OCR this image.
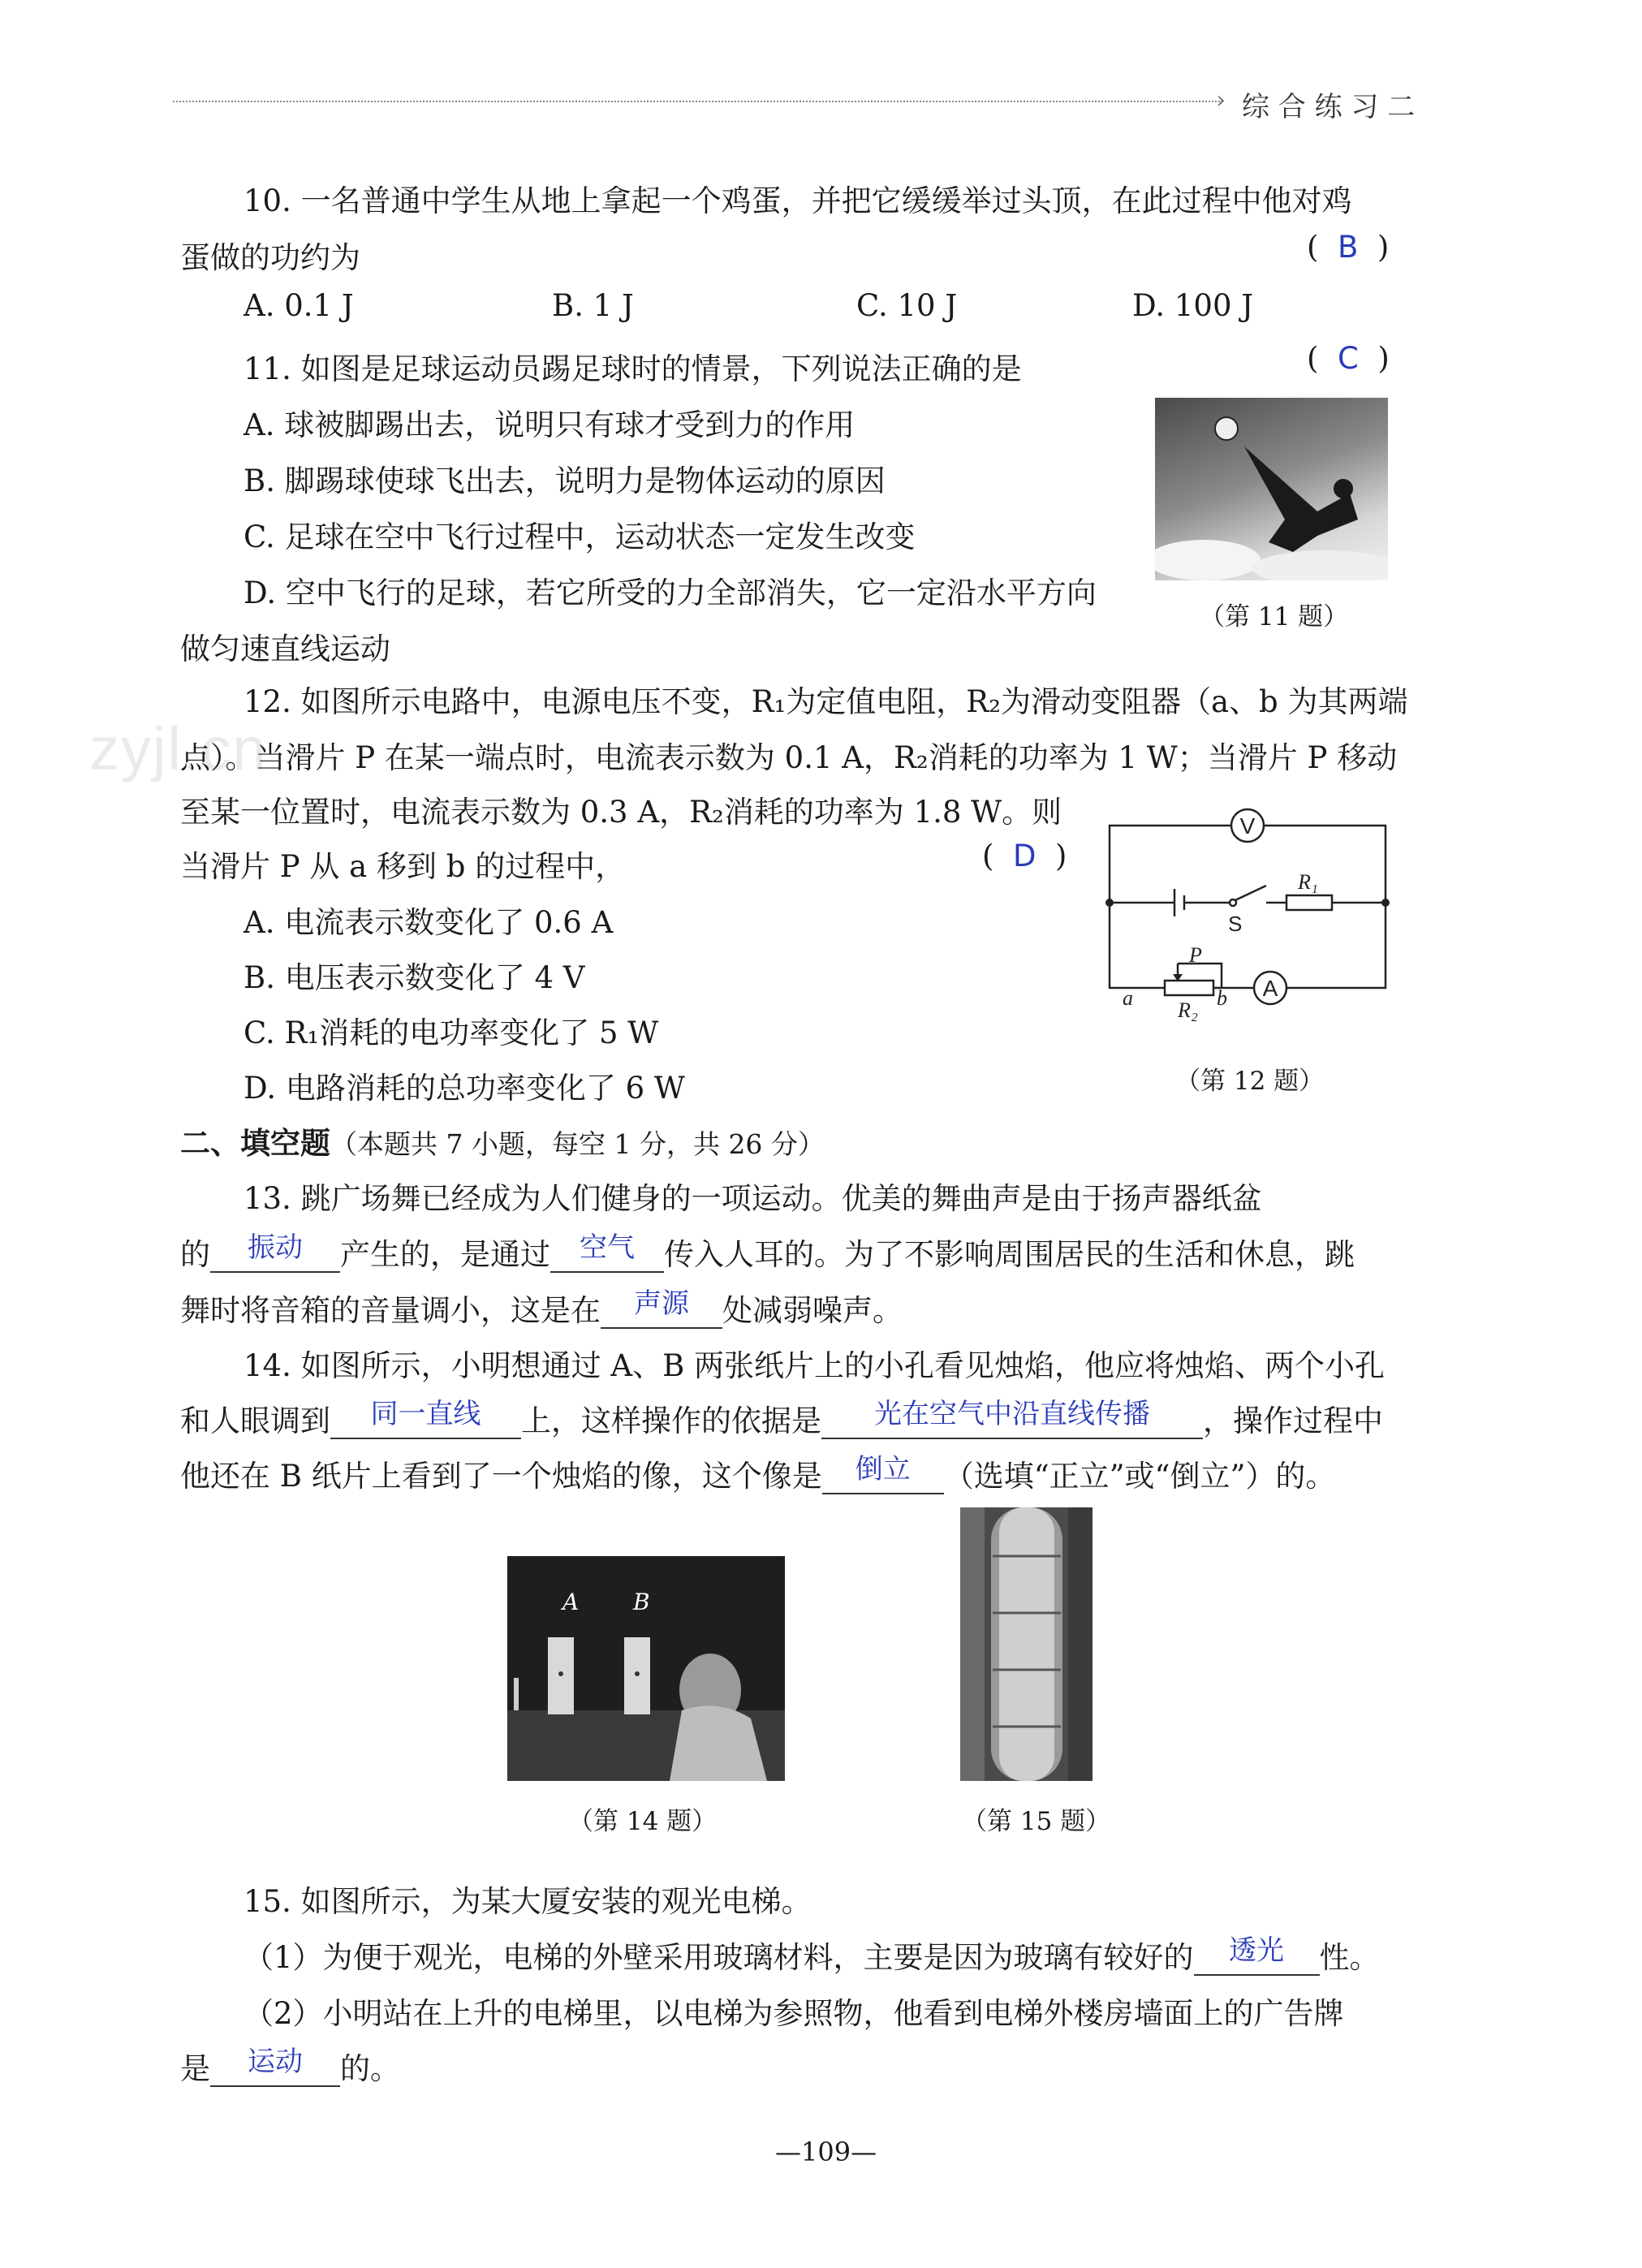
› 综 合 练 习 二
10. 一名普通中学生从地上拿起一个鸡蛋，并把它缓缓举过头顶，在此过程中他对鸡
蛋做的功约为	(  B  )
A. 0.1 J	B. 1 J	C. 10 J	D. 100 J
11. 如图是足球运动员踢足球时的情景，下列说法正确的是	(  C  )
A. 球被脚踢出去，说明只有球才受到力的作用
B. 脚踢球使球飞出去，说明力是物体运动的原因
C. 足球在空中飞行过程中，运动状态一定发生改变
D. 空中飞行的足球，若它所受的力全部消失，它一定沿水平方向
做匀速直线运动
（第 11 题）
12. 如图所示电路中，电源电压不变，R₁为定值电阻，R₂为滑动变阻器（a、b 为其两端
点）。当滑片 P 在某一端点时，电流表示数为 0.1 A，R₂消耗的功率为 1 W；当滑片 P 移动
至某一位置时，电流表示数为 0.3 A，R₂消耗的功率为 1.8 W。则
当滑片 P 从 a 移到 b 的过程中，	(  D  )
A. 电流表示数变化了 0.6 A
B. 电压表示数变化了 4 V
C. R₁消耗的电功率变化了 5 W
D. 电路消耗的总功率变化了 6 W
V
A
S
R₁
R₂
P
a	b
（第 12 题）
二、填空题（本题共 7 小题，每空 1 分，共 26 分）
13. 跳广场舞已经成为人们健身的一项运动。优美的舞曲声是由于扬声器纸盆
的 振动 产生的，是通过 空气 传入人耳的。为了不影响周围居民的生活和休息，跳
舞时将音箱的音量调小，这是在 声源 处减弱噪声。
14. 如图所示，小明想通过 A、B 两张纸片上的小孔看见烛焰，他应将烛焰、两个小孔
和人眼调到 同一直线 上，这样操作的依据是 光在空气中沿直线传播 ，操作过程中
他还在 B 纸片上看到了一个烛焰的像，这个像是 倒立 （选填“正立”或“倒立”）的。
A B
（第 14 题）	（第 15 题）
15. 如图所示，为某大厦安装的观光电梯。
（1）为便于观光，电梯的外壁采用玻璃材料，主要是因为玻璃有较好的 透光 性。
（2）小明站在上升的电梯里，以电梯为参照物，他看到电梯外楼房墙面上的广告牌
是 运动 的。
—109—
zyjl.cn
